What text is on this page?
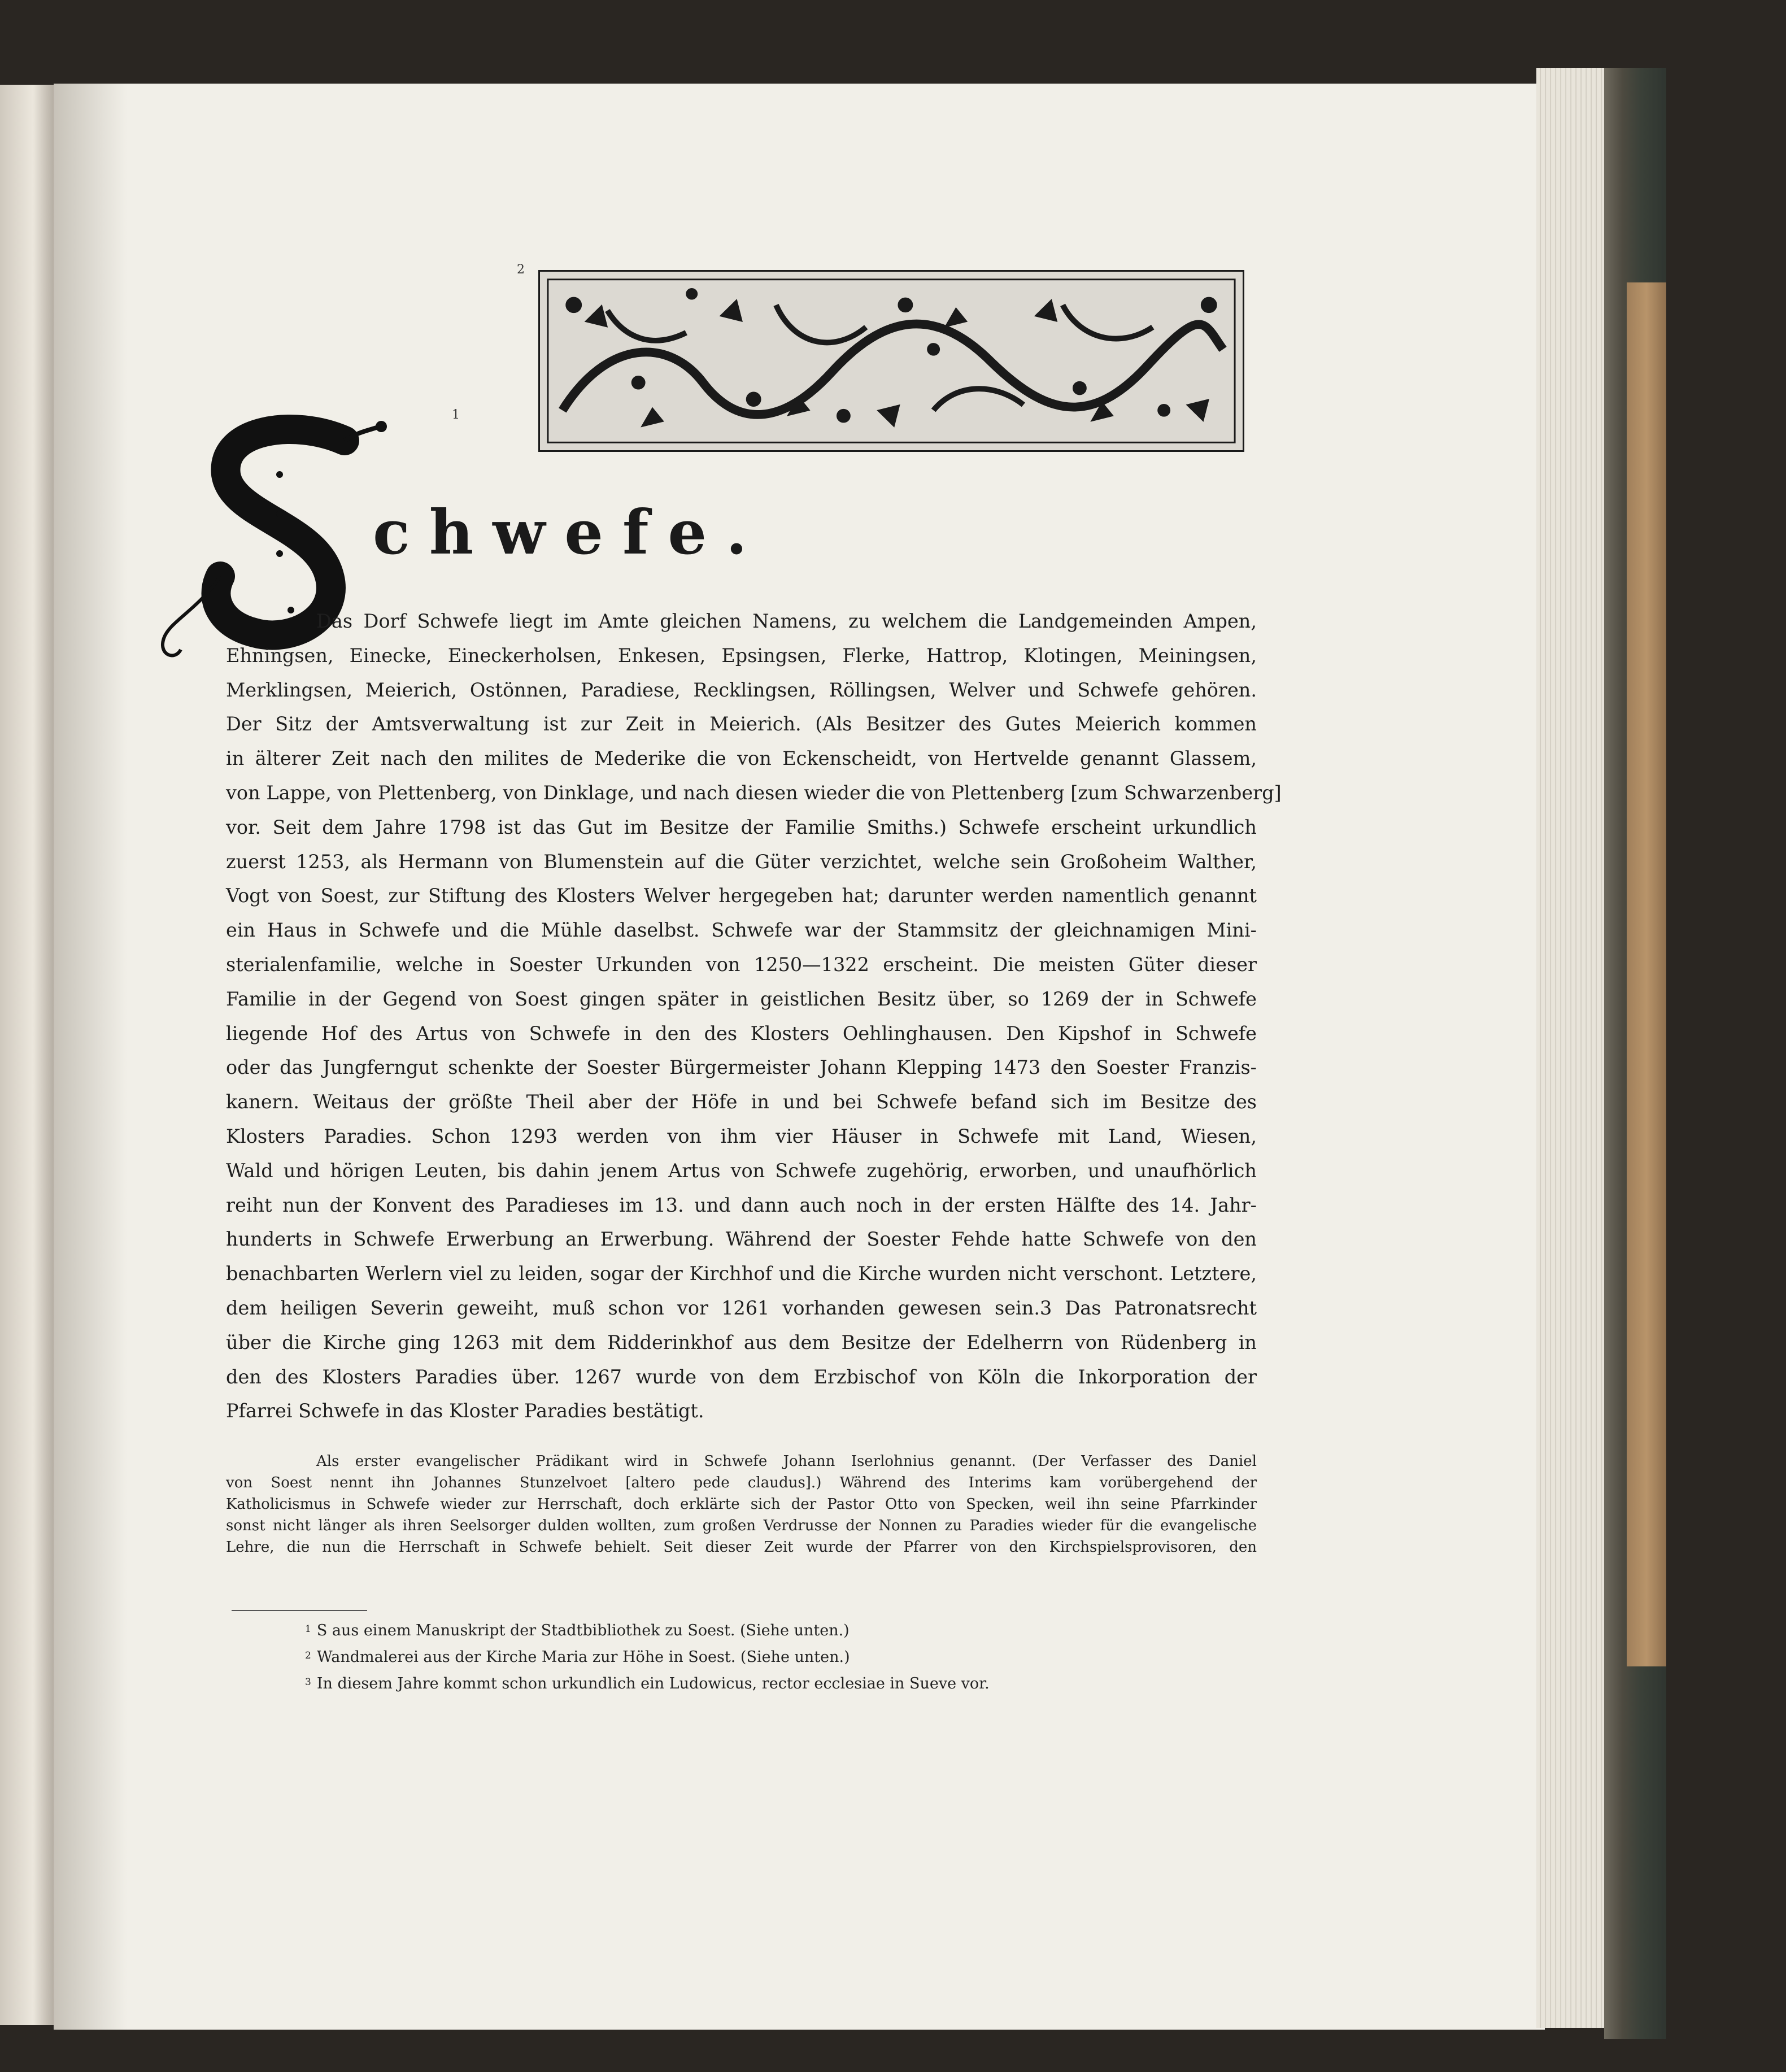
2
1
chwefe.
Das Dorf Schwefe liegt im Amte gleichen Namens, zu welchem die Landgemeinden Ampen,
Ehningsen, Einecke, Eineckerholsen, Enkesen, Epsingsen, Flerke, Hattrop, Klotingen, Meiningsen,
Merklingsen, Meierich, Ostönnen, Paradiese, Recklingsen, Röllingsen, Welver und Schwefe gehören.
Der Sitz der Amtsverwaltung ist zur Zeit in Meierich. (Als Besitzer des Gutes Meierich kommen
in älterer Zeit nach den milites de Mederike die von Eckenscheidt, von Hertvelde genannt Glassem,
von Lappe, von Plettenberg, von Dinklage, und nach diesen wieder die von Plettenberg [zum Schwarzenberg]
vor. Seit dem Jahre 1798 ist das Gut im Besitze der Familie Smiths.) Schwefe erscheint urkundlich
zuerst 1253, als Hermann von Blumenstein auf die Güter verzichtet, welche sein Großoheim Walther,
Vogt von Soest, zur Stiftung des Klosters Welver hergegeben hat; darunter werden namentlich genannt
ein Haus in Schwefe und die Mühle daselbst. Schwefe war der Stammsitz der gleichnamigen Mini-
sterialenfamilie, welche in Soester Urkunden von 1250—1322 erscheint. Die meisten Güter dieser
Familie in der Gegend von Soest gingen später in geistlichen Besitz über, so 1269 der in Schwefe
liegende Hof des Artus von Schwefe in den des Klosters Oehlinghausen. Den Kipshof in Schwefe
oder das Jungferngut schenkte der Soester Bürgermeister Johann Klepping 1473 den Soester Franzis-
kanern. Weitaus der größte Theil aber der Höfe in und bei Schwefe befand sich im Besitze des
Klosters Paradies. Schon 1293 werden von ihm vier Häuser in Schwefe mit Land, Wiesen,
Wald und hörigen Leuten, bis dahin jenem Artus von Schwefe zugehörig, erworben, und unaufhörlich
reiht nun der Konvent des Paradieses im 13. und dann auch noch in der ersten Hälfte des 14. Jahr-
hunderts in Schwefe Erwerbung an Erwerbung. Während der Soester Fehde hatte Schwefe von den
benachbarten Werlern viel zu leiden, sogar der Kirchhof und die Kirche wurden nicht verschont. Letztere,
dem heiligen Severin geweiht, muß schon vor 1261 vorhanden gewesen sein.3 Das Patronatsrecht
über die Kirche ging 1263 mit dem Ridderinkhof aus dem Besitze der Edelherrn von Rüdenberg in
den des Klosters Paradies über. 1267 wurde von dem Erzbischof von Köln die Inkorporation der
Pfarrei Schwefe in das Kloster Paradies bestätigt.
Als erster evangelischer Prädikant wird in Schwefe Johann Iserlohnius genannt. (Der Verfasser des Daniel
von Soest nennt ihn Johannes Stunzelvoet [altero pede claudus].) Während des Interims kam vorübergehend der
Katholicismus in Schwefe wieder zur Herrschaft, doch erklärte sich der Pastor Otto von Specken, weil ihn seine Pfarrkinder
sonst nicht länger als ihren Seelsorger dulden wollten, zum großen Verdrusse der Nonnen zu Paradies wieder für die evangelische
Lehre, die nun die Herrschaft in Schwefe behielt. Seit dieser Zeit wurde der Pfarrer von den Kirchspielsprovisoren, den
$^1$ S aus einem Manuskript der Stadtbibliothek zu Soest. (Siehe unten.)
$^2$ Wandmalerei aus der Kirche Maria zur Höhe in Soest. (Siehe unten.)
$^3$ In diesem Jahre kommt schon urkundlich ein Ludowicus, rector ecclesiae in Sueve vor.
